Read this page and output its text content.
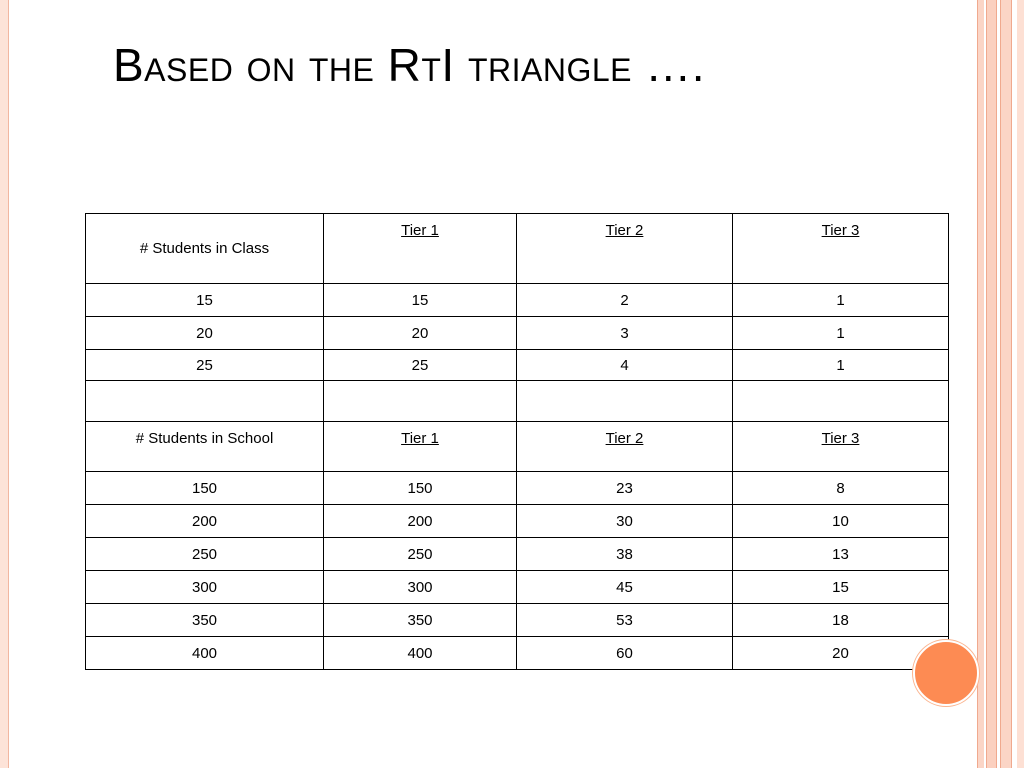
Based on the RtI triangle ….
# Students in Class	Tier 1	Tier 2	Tier 3
15	15	2	1
20	20	3	1
25	25	4	1

# Students in School	Tier 1	Tier 2	Tier 3
150	150	23	8
200	200	30	10
250	250	38	13
300	300	45	15
350	350	53	18
400	400	60	20
